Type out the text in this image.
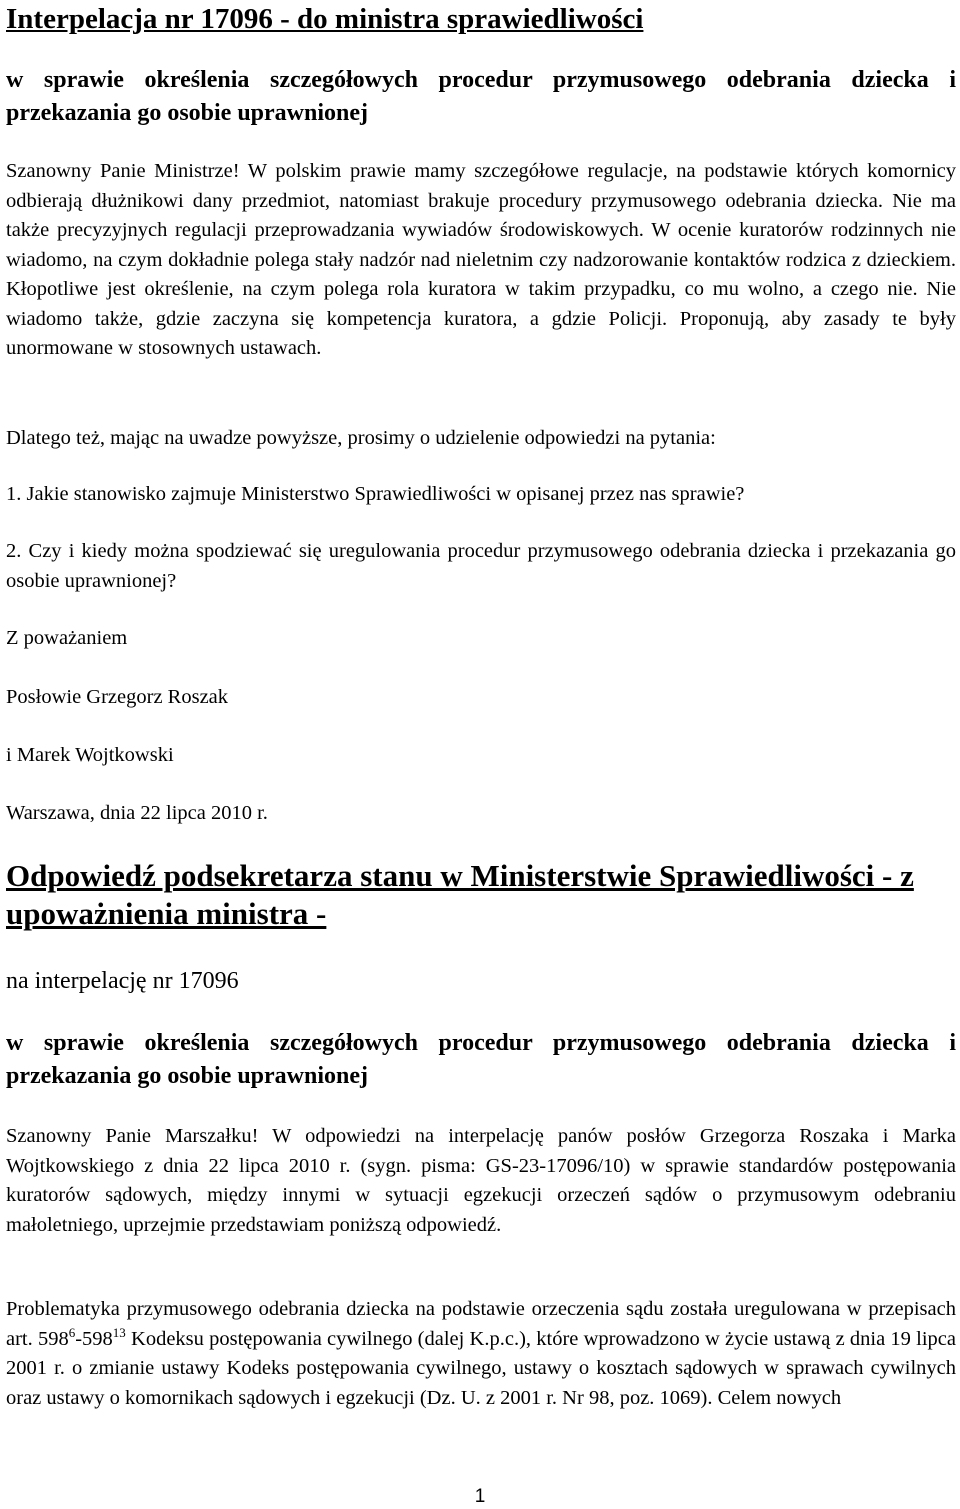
Interpelacja nr 17096 - do ministra sprawiedliwości
w sprawie określenia szczegółowych procedur przymusowego odebrania dziecka i przekazania go osobie uprawnionej
Szanowny Panie Ministrze! W polskim prawie mamy szczegółowe regulacje, na podstawie których komornicy odbierają dłużnikowi dany przedmiot, natomiast brakuje procedury przymusowego odebrania dziecka. Nie ma także precyzyjnych regulacji przeprowadzania wywiadów środowiskowych. W ocenie kuratorów rodzinnych nie wiadomo, na czym dokładnie polega stały nadzór nad nieletnim czy nadzorowanie kontaktów rodzica z dzieckiem. Kłopotliwe jest określenie, na czym polega rola kuratora w takim przypadku, co mu wolno, a czego nie. Nie wiadomo także, gdzie zaczyna się kompetencja kuratora, a gdzie Policji. Proponują, aby zasady te były unormowane w stosownych ustawach.
Dlatego też, mając na uwadze powyższe, prosimy o udzielenie odpowiedzi na pytania:
1. Jakie stanowisko zajmuje Ministerstwo Sprawiedliwości w opisanej przez nas sprawie?
2. Czy i kiedy można spodziewać się uregulowania procedur przymusowego odebrania dziecka i przekazania go osobie uprawnionej?
Z poważaniem
Posłowie Grzegorz Roszak
i Marek Wojtkowski
Warszawa, dnia 22 lipca 2010 r.
Odpowiedź podsekretarza stanu w Ministerstwie Sprawiedliwości - z upoważnienia ministra -
na interpelację nr 17096
w sprawie określenia szczegółowych procedur przymusowego odebrania dziecka i przekazania go osobie uprawnionej
Szanowny Panie Marszałku! W odpowiedzi na interpelację panów posłów Grzegorza Roszaka i Marka Wojtkowskiego z dnia 22 lipca 2010 r. (sygn. pisma: GS-23-17096/10) w sprawie standardów postępowania kuratorów sądowych, między innymi w sytuacji egzekucji orzeczeń sądów o przymusowym odebraniu małoletniego, uprzejmie przedstawiam poniższą odpowiedź.
Problematyka przymusowego odebrania dziecka na podstawie orzeczenia sądu została uregulowana w przepisach art. $598^6-598^{13}$ Kodeksu postępowania cywilnego (dalej K.p.c.), które wprowadzono w życie ustawą z dnia 19 lipca 2001 r. o zmianie ustawy Kodeks postępowania cywilnego, ustawy o kosztach sądowych w sprawach cywilnych oraz ustawy o komornikach sądowych i egzekucji (Dz. U. z 2001 r. Nr 98, poz. 1069). Celem nowych
1
